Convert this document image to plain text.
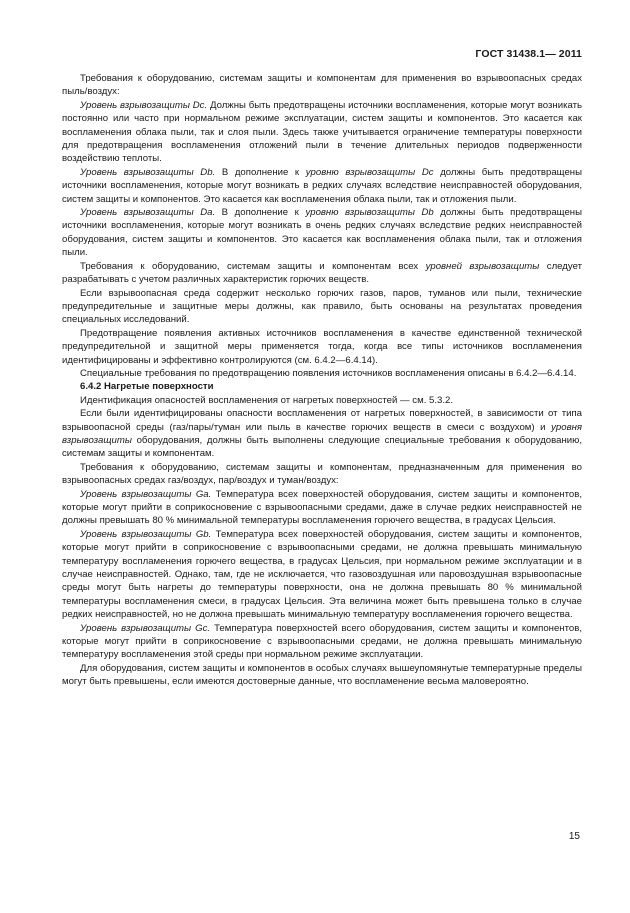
ГОСТ 31438.1— 2011

Требования к оборудованию, системам защиты и компонентам для применения во взрывоопасных средах пыль/воздух:

Уровень взрывозащиты Dc. Должны быть предотвращены источники воспламенения, которые могут возникать постоянно или часто при нормальном режиме эксплуатации, систем защиты и компонентов. Это касается как воспламенения облака пыли, так и слоя пыли. Здесь также учитывается ограничение температуры поверхности для предотвращения воспламенения отложений пыли в течение длительных периодов подверженности воздействию теплоты.

Уровень взрывозащиты Db. В дополнение к уровню взрывозащиты Dc должны быть предотвращены источники воспламенения, которые могут возникать в редких случаях вследствие неисправностей оборудования, систем защиты и компонентов. Это касается как воспламенения облака пыли, так и отложения пыли.

Уровень взрывозащиты Da. В дополнение к уровню взрывозащиты Db должны быть предотвращены источники воспламенения, которые могут возникать в очень редких случаях вследствие редких неисправностей оборудования, систем защиты и компонентов. Это касается как воспламенения облака пыли, так и отложения пыли.

Требования к оборудованию, системам защиты и компонентам всех уровней взрывозащиты следует разрабатывать с учетом различных характеристик горючих веществ.

Если взрывоопасная среда содержит несколько горючих газов, паров, туманов или пыли, технические предупредительные и защитные меры должны, как правило, быть основаны на результатах проведения специальных исследований.

Предотвращение появления активных источников воспламенения в качестве единственной технической предупредительной и защитной меры применяется тогда, когда все типы источников воспламенения идентифицированы и эффективно контролируются (см. 6.4.2—6.4.14).

Специальные требования по предотвращению появления источников воспламенения описаны в 6.4.2—6.4.14.

6.4.2 Нагретые поверхности

Идентификация опасностей воспламенения от нагретых поверхностей — см. 5.3.2.

Если были идентифицированы опасности воспламенения от нагретых поверхностей, в зависимости от типа взрывоопасной среды (газ/пары/туман или пыль в качестве горючих веществ в смеси с воздухом) и уровня взрывозащиты оборудования, должны быть выполнены следующие специальные требования к оборудованию, системам защиты и компонентам.

Требования к оборудованию, системам защиты и компонентам, предназначенным для применения во взрывоопасных средах газ/воздух, пар/воздух и туман/воздух:

Уровень взрывозащиты Ga. Температура всех поверхностей оборудования, систем защиты и компонентов, которые могут прийти в соприкосновение с взрывоопасными средами, даже в случае редких неисправностей не должны превышать 80 % минимальной температуры воспламенения горючего вещества, в градусах Цельсия.

Уровень взрывозащиты Gb. Температура всех поверхностей оборудования, систем защиты и компонентов, которые могут прийти в соприкосновение с взрывоопасными средами, не должна превышать минимальную температуру воспламенения горючего вещества, в градусах Цельсия, при нормальном режиме эксплуатации и в случае неисправностей. Однако, там, где не исключается, что газовоздушная или паровоздушная взрывоопасные среды могут быть нагреты до температуры поверхности, она не должна превышать 80 % минимальной температуры воспламенения смеси, в градусах Цельсия. Эта величина может быть превышена только в случае редких неисправностей, но не должна превышать минимальную температуру воспламенения горючего вещества.

Уровень взрывозащиты Gc. Температура поверхностей всего оборудования, систем защиты и компонентов, которые могут прийти в соприкосновение с взрывоопасными средами, не должна превышать минимальную температуру воспламенения этой среды при нормальном режиме эксплуатации.

Для оборудования, систем защиты и компонентов в особых случаях вышеупомянутые температурные пределы могут быть превышены, если имеются достоверные данные, что воспламенение весьма маловероятно.

15
